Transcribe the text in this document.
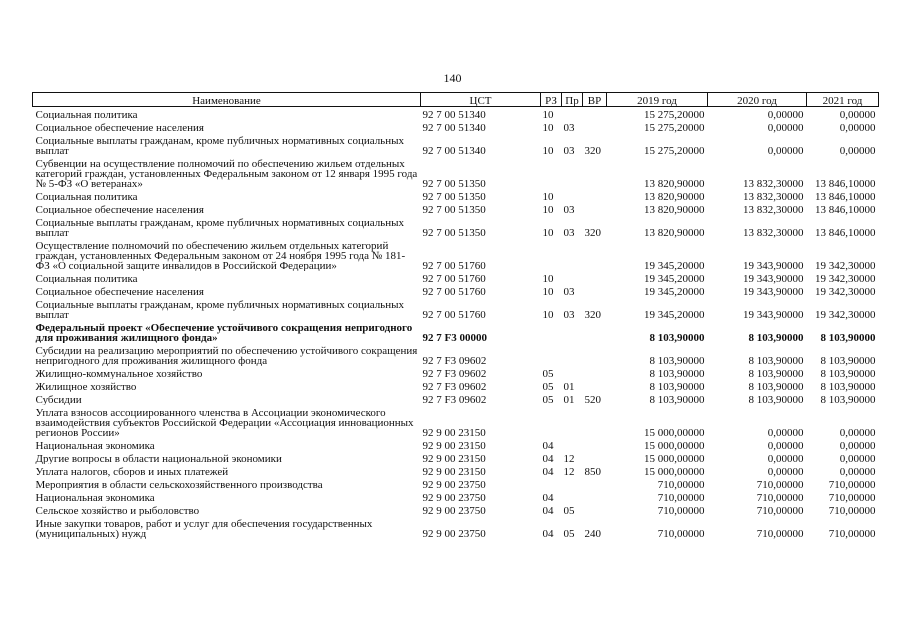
140
Наименование	ЦСТ	РЗ	Пр	ВР	2019 год	2020 год	2021 год
Социальная политика	92 7 00 51340	10			15 275,20000	0,00000	0,00000
Социальное обеспечение населения	92 7 00 51340	10	03		15 275,20000	0,00000	0,00000
Социальные выплаты гражданам, кроме публичных нормативных социальных выплат	92 7 00 51340	10	03	320	15 275,20000	0,00000	0,00000
Субвенции на осуществление полномочий по обеспечению жильем отдельных категорий граждан, установленных Федеральным законом от 12 января 1995 года № 5-ФЗ «О ветеранах»	92 7 00 51350				13 820,90000	13 832,30000	13 846,10000
Социальная политика	92 7 00 51350	10			13 820,90000	13 832,30000	13 846,10000
Социальное обеспечение населения	92 7 00 51350	10	03		13 820,90000	13 832,30000	13 846,10000
Социальные выплаты гражданам, кроме публичных нормативных социальных выплат	92 7 00 51350	10	03	320	13 820,90000	13 832,30000	13 846,10000
Осуществление полномочий по обеспечению жильем отдельных категорий граждан, установленных Федеральным законом от 24 ноября 1995 года № 181-ФЗ «О социальной защите инвалидов в Российской Федерации»	92 7 00 51760				19 345,20000	19 343,90000	19 342,30000
Социальная политика	92 7 00 51760	10			19 345,20000	19 343,90000	19 342,30000
Социальное обеспечение населения	92 7 00 51760	10	03		19 345,20000	19 343,90000	19 342,30000
Социальные выплаты гражданам, кроме публичных нормативных социальных выплат	92 7 00 51760	10	03	320	19 345,20000	19 343,90000	19 342,30000
Федеральный проект «Обеспечение устойчивого сокращения непригодного для проживания жилищного фонда»	92 7 F3 00000				8 103,90000	8 103,90000	8 103,90000
Субсидии на реализацию мероприятий по обеспечению устойчивого сокращения непригодного для проживания жилищного фонда	92 7 F3 09602				8 103,90000	8 103,90000	8 103,90000
Жилищно-коммунальное хозяйство	92 7 F3 09602	05			8 103,90000	8 103,90000	8 103,90000
Жилищное хозяйство	92 7 F3 09602	05	01		8 103,90000	8 103,90000	8 103,90000
Субсидии	92 7 F3 09602	05	01	520	8 103,90000	8 103,90000	8 103,90000
Уплата взносов ассоциированного членства в Ассоциации экономического взаимодействия субъектов Российской Федерации «Ассоциация инновационных регионов России»	92 9 00 23150				15 000,00000	0,00000	0,00000
Национальная экономика	92 9 00 23150	04			15 000,00000	0,00000	0,00000
Другие вопросы в области национальной экономики	92 9 00 23150	04	12		15 000,00000	0,00000	0,00000
Уплата налогов, сборов и иных платежей	92 9 00 23150	04	12	850	15 000,00000	0,00000	0,00000
Мероприятия в области сельскохозяйственного производства	92 9 00 23750				710,00000	710,00000	710,00000
Национальная экономика	92 9 00 23750	04			710,00000	710,00000	710,00000
Сельское хозяйство и рыболовство	92 9 00 23750	04	05		710,00000	710,00000	710,00000
Иные закупки товаров, работ и услуг для обеспечения государственных (муниципальных) нужд	92 9 00 23750	04	05	240	710,00000	710,00000	710,00000
